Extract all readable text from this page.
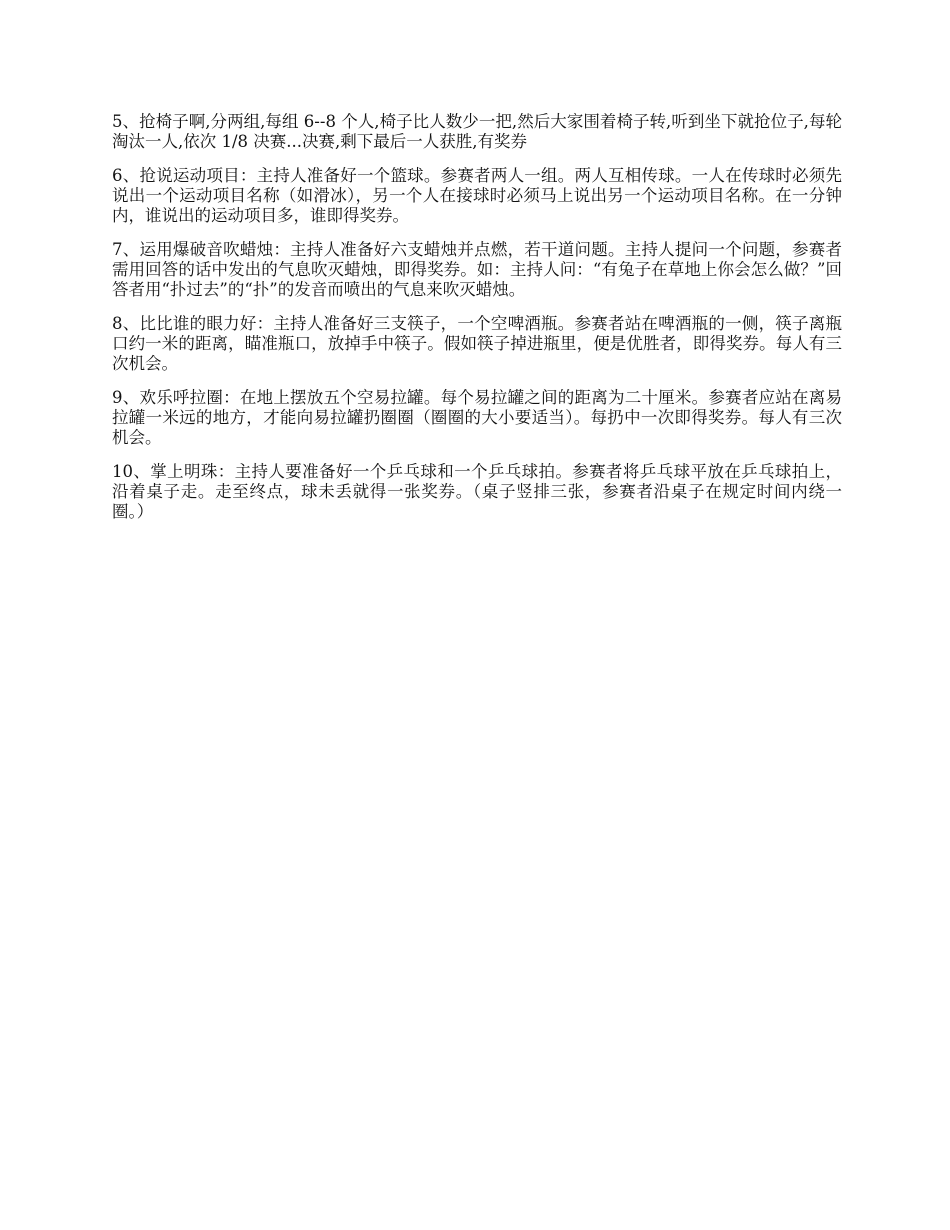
5、抢椅子啊,分两组,每组 6--8 个人,椅子比人数少一把,然后大家围着椅子转,听到坐下就抢位子,每轮淘汰一人,依次 1/8 决赛...决赛,剩下最后一人获胜,有奖券

6、抢说运动项目：主持人准备好一个篮球。参赛者两人一组。两人互相传球。一人在传球时必须先说出一个运动项目名称（如滑冰），另一个人在接球时必须马上说出另一个运动项目名称。在一分钟内，谁说出的运动项目多，谁即得奖券。

7、运用爆破音吹蜡烛：主持人准备好六支蜡烛并点燃，若干道问题。主持人提问一个问题，参赛者需用回答的话中发出的气息吹灭蜡烛，即得奖券。如：主持人问：“有兔子在草地上你会怎么做？”回答者用“扑过去”的“扑”的发音而喷出的气息来吹灭蜡烛。

8、比比谁的眼力好：主持人准备好三支筷子，一个空啤酒瓶。参赛者站在啤酒瓶的一侧，筷子离瓶口约一米的距离，瞄准瓶口，放掉手中筷子。假如筷子掉进瓶里，便是优胜者，即得奖券。每人有三次机会。

9、欢乐呼拉圈：在地上摆放五个空易拉罐。每个易拉罐之间的距离为二十厘米。参赛者应站在离易拉罐一米远的地方，才能向易拉罐扔圈圈（圈圈的大小要适当）。每扔中一次即得奖券。每人有三次机会。

10、掌上明珠：主持人要准备好一个乒乓球和一个乒乓球拍。参赛者将乒乓球平放在乒乓球拍上，沿着桌子走。走至终点，球未丢就得一张奖券。（桌子竖排三张，参赛者沿桌子在规定时间内绕一圈。）
